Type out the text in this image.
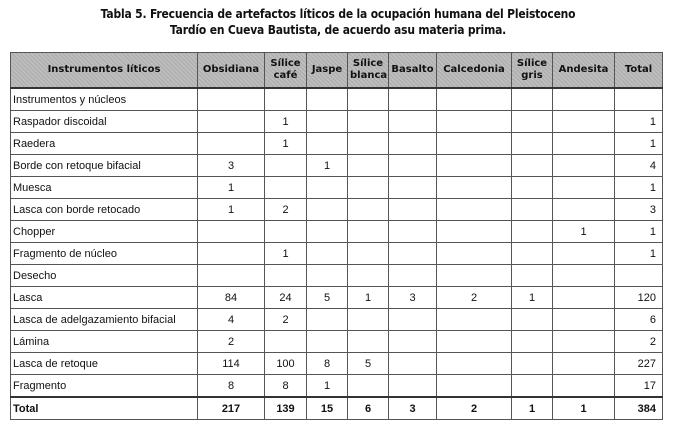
Tabla 5. Frecuencia de artefactos líticos de la ocupación humana del Pleistoceno
Tardío en Cueva Bautista, de acuerdo asu materia prima.
Instrumentos líticos	Obsidiana	Sílice café	Jaspe	Sílice blanca	Basalto	Calcedonia	Sílice gris	Andesita	Total
Instrumentos y núcleos									
Raspador discoidal		1							1
Raedera		1							1
Borde con retoque bifacial	3		1						4
Muesca	1								1
Lasca con borde retocado	1	2							3
Chopper								1	1
Fragmento de núcleo		1							1
Desecho									
Lasca	84	24	5	1	3	2	1		120
Lasca de adelgazamiento bifacial	4	2							6
Lámina	2								2
Lasca de retoque	114	100	8	5					227
Fragmento	8	8	1						17
Total	217	139	15	6	3	2	1	1	384
